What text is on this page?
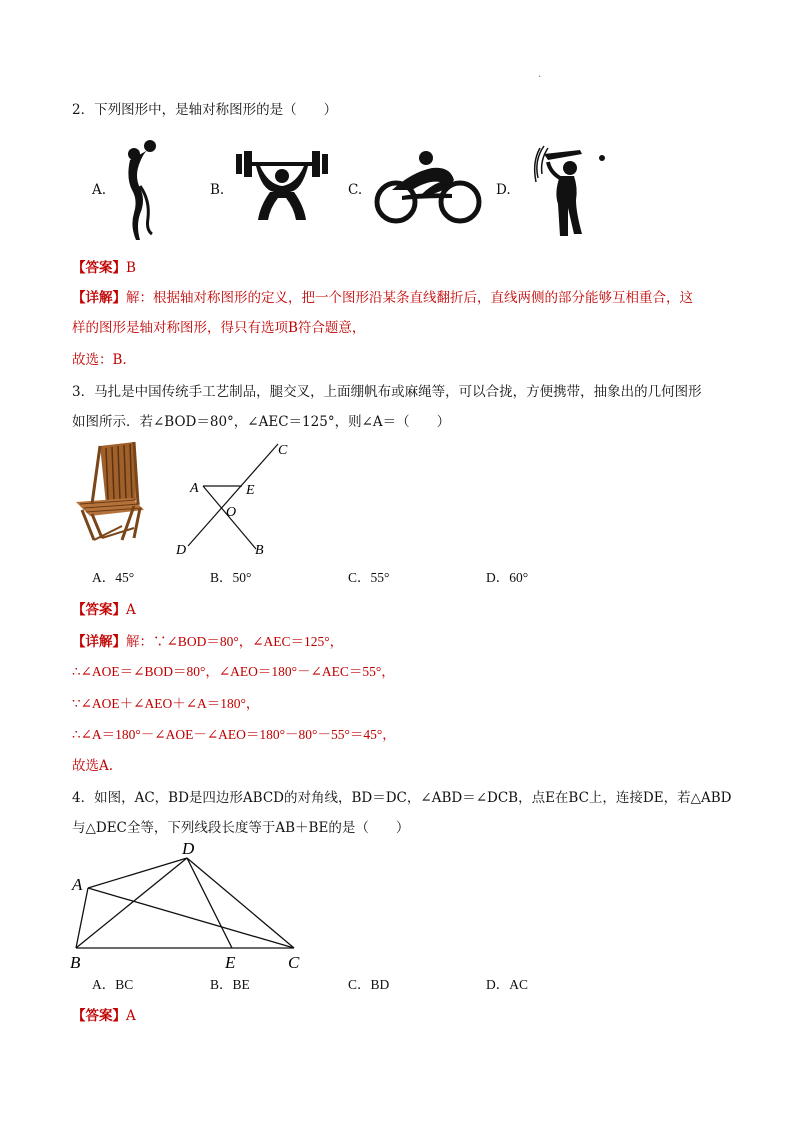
·
2．下列图形中，是轴对称图形的是（　　）
A.	B.	C.	D.
【答案】B
【详解】解：根据轴对称图形的定义，把一个图形沿某条直线翻折后，直线两侧的部分能够互相重合，这
样的图形是轴对称图形，得只有选项B符合题意，
故选：B.
3．马扎是中国传统手工艺制品，腿交叉，上面绷帆布或麻绳等，可以合拢，方便携带，抽象出的几何图形
如图所示．若∠BOD＝80°，∠AEC＝125°，则∠A＝（　　）
C
A	E
O
D	B
A．45°	B．50°	C．55°	D．60°
【答案】A
【详解】解：∵∠BOD＝80°，∠AEC＝125°，
∴∠AOE＝∠BOD＝80°，∠AEO＝180°－∠AEC＝55°，
∵∠AOE＋∠AEO＋∠A＝180°，
∴∠A＝180°－∠AOE－∠AEO＝180°－80°－55°＝45°，
故选A.
4．如图，AC，BD是四边形ABCD的对角线，BD＝DC，∠ABD＝∠DCB，点E在BC上，连接DE，若△ABD
与△DEC全等，下列线段长度等于AB＋BE的是（　　）
D
A
B	E	C
A．BC	B．BE	C．BD	D．AC
【答案】A
